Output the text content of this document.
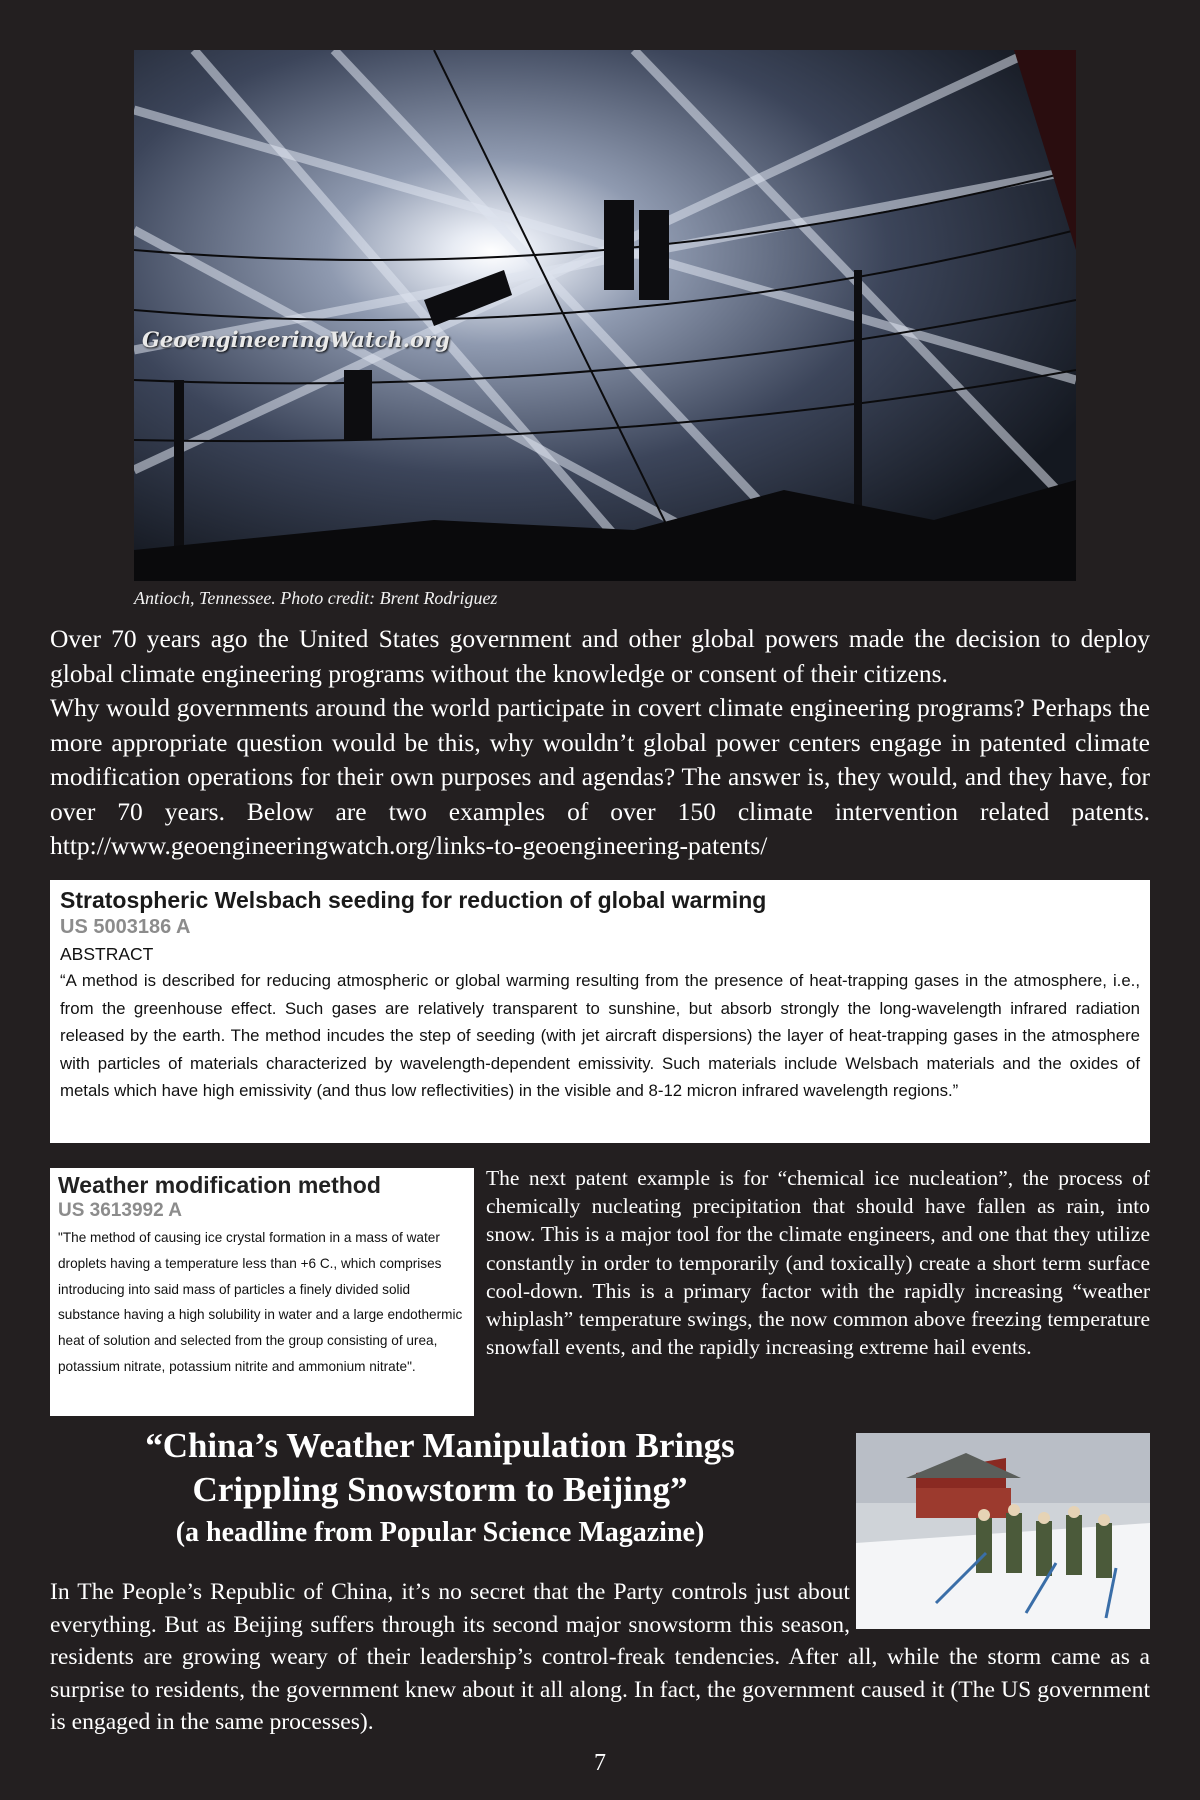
GeoengineeringWatch.org
Antioch, Tennessee. Photo credit: Brent Rodriguez

Over 70 years ago the United States government and other global powers made the decision to deploy global climate engineering programs without the knowledge or consent of their citizens.

Why would governments around the world participate in covert climate engineering programs? Perhaps the more appropriate question would be this, why wouldn’t global power centers engage in patented climate modification operations for their own purposes and agendas? The answer is, they would, and they have, for over 70 years. Below are two examples of over 150 climate intervention related patents. http://www.geoengineeringwatch.org/links-to-geoengineering-patents/

Stratospheric Welsbach seeding for reduction of global warming
US 5003186 A
ABSTRACT

“A method is described for reducing atmospheric or global warming resulting from the presence of heat-trapping gases in the atmosphere, i.e., from the greenhouse effect. Such gases are relatively transparent to sunshine, but absorb strongly the long-wavelength infrared radiation released by the earth. The method incudes the step of seeding (with jet aircraft dispersions) the layer of heat-trapping gases in the atmosphere with particles of materials characterized by wavelength-dependent emissivity. Such materials include Welsbach materials and the oxides of metals which have high emissivity (and thus low reflectivities) in the visible and 8-12 micron infrared wavelength regions.”

Weather modification method
US 3613992 A

"The method of causing ice crystal formation in a mass of water droplets having a temperature less than +6 C., which comprises introducing into said mass of particles a finely divided solid substance having a high solubility in water and a large endothermic heat of solution and selected from the group consisting of urea, potassium nitrate, potassium nitrite and ammonium nitrate".

The next patent example is for “chemical ice nucleation”, the process of chemically nucleating precipitation that should have fallen as rain, into snow. This is a major tool for the climate engineers, and one that they utilize constantly in order to temporarily (and toxically) create a short term surface cool-down. This is a primary factor with the rapidly increasing “weather whiplash” temperature swings, the now common above freezing temperature snowfall events, and the rapidly increasing extreme hail events.

“China’s Weather Manipulation Brings
Crippling Snowstorm to Beijing”
(a headline from Popular Science Magazine)

In The People’s Republic of China, it’s no secret that the Party controls just about everything. But as Beijing suffers through its second major snowstorm this season, residents are growing weary of their leadership’s control-freak tendencies. After all, while the storm came as a surprise to residents, the government knew about it all along. In fact, the government caused it (The US government is engaged in the same processes).

7
